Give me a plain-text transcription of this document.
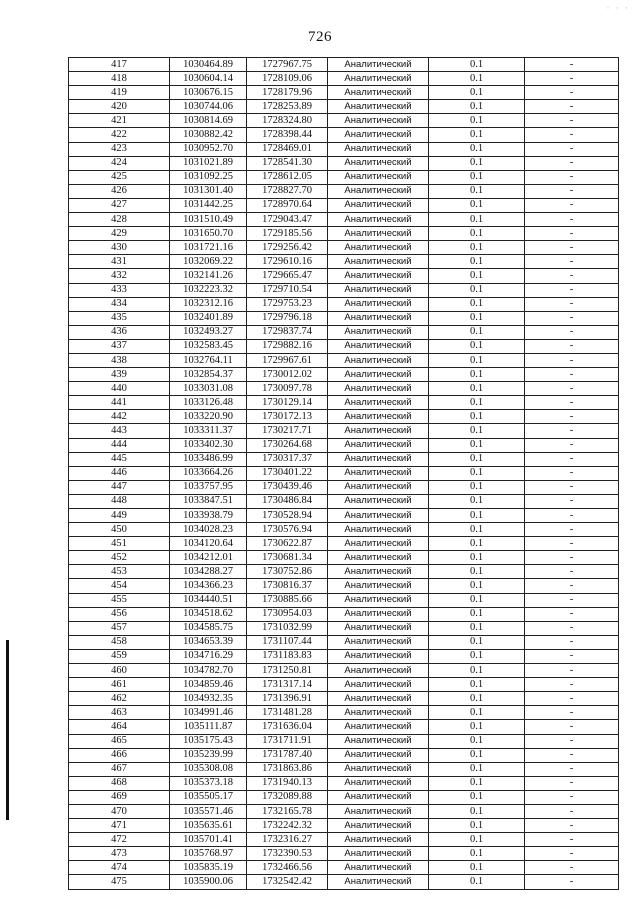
· · ·
726
417	1030464.89	1727967.75	Аналитический	0.1	-
418	1030604.14	1728109.06	Аналитический	0.1	-
419	1030676.15	1728179.96	Аналитический	0.1	-
420	1030744.06	1728253.89	Аналитический	0.1	-
421	1030814.69	1728324.80	Аналитический	0.1	-
422	1030882.42	1728398.44	Аналитический	0.1	-
423	1030952.70	1728469.01	Аналитический	0.1	-
424	1031021.89	1728541.30	Аналитический	0.1	-
425	1031092.25	1728612.05	Аналитический	0.1	-
426	1031301.40	1728827.70	Аналитический	0.1	-
427	1031442.25	1728970.64	Аналитический	0.1	-
428	1031510.49	1729043.47	Аналитический	0.1	-
429	1031650.70	1729185.56	Аналитический	0.1	-
430	1031721.16	1729256.42	Аналитический	0.1	-
431	1032069.22	1729610.16	Аналитический	0.1	-
432	1032141.26	1729665.47	Аналитический	0.1	-
433	1032223.32	1729710.54	Аналитический	0.1	-
434	1032312.16	1729753.23	Аналитический	0.1	-
435	1032401.89	1729796.18	Аналитический	0.1	-
436	1032493.27	1729837.74	Аналитический	0.1	-
437	1032583.45	1729882.16	Аналитический	0.1	-
438	1032764.11	1729967.61	Аналитический	0.1	-
439	1032854.37	1730012.02	Аналитический	0.1	-
440	1033031.08	1730097.78	Аналитический	0.1	-
441	1033126.48	1730129.14	Аналитический	0.1	-
442	1033220.90	1730172.13	Аналитический	0.1	-
443	1033311.37	1730217.71	Аналитический	0.1	-
444	1033402.30	1730264.68	Аналитический	0.1	-
445	1033486.99	1730317.37	Аналитический	0.1	-
446	1033664.26	1730401.22	Аналитический	0.1	-
447	1033757.95	1730439.46	Аналитический	0.1	-
448	1033847.51	1730486.84	Аналитический	0.1	-
449	1033938.79	1730528.94	Аналитический	0.1	-
450	1034028.23	1730576.94	Аналитический	0.1	-
451	1034120.64	1730622.87	Аналитический	0.1	-
452	1034212.01	1730681.34	Аналитический	0.1	-
453	1034288.27	1730752.86	Аналитический	0.1	-
454	1034366.23	1730816.37	Аналитический	0.1	-
455	1034440.51	1730885.66	Аналитический	0.1	-
456	1034518.62	1730954.03	Аналитический	0.1	-
457	1034585.75	1731032.99	Аналитический	0.1	-
458	1034653.39	1731107.44	Аналитический	0.1	-
459	1034716.29	1731183.83	Аналитический	0.1	-
460	1034782.70	1731250.81	Аналитический	0.1	-
461	1034859.46	1731317.14	Аналитический	0.1	-
462	1034932.35	1731396.91	Аналитический	0.1	-
463	1034991.46	1731481.28	Аналитический	0.1	-
464	1035111.87	1731636.04	Аналитический	0.1	-
465	1035175.43	1731711.91	Аналитический	0.1	-
466	1035239.99	1731787.40	Аналитический	0.1	-
467	1035308.08	1731863.86	Аналитический	0.1	-
468	1035373.18	1731940.13	Аналитический	0.1	-
469	1035505.17	1732089.88	Аналитический	0.1	-
470	1035571.46	1732165.78	Аналитический	0.1	-
471	1035635.61	1732242.32	Аналитический	0.1	-
472	1035701.41	1732316.27	Аналитический	0.1	-
473	1035768.97	1732390.53	Аналитический	0.1	-
474	1035835.19	1732466.56	Аналитический	0.1	-
475	1035900.06	1732542.42	Аналитический	0.1	-
